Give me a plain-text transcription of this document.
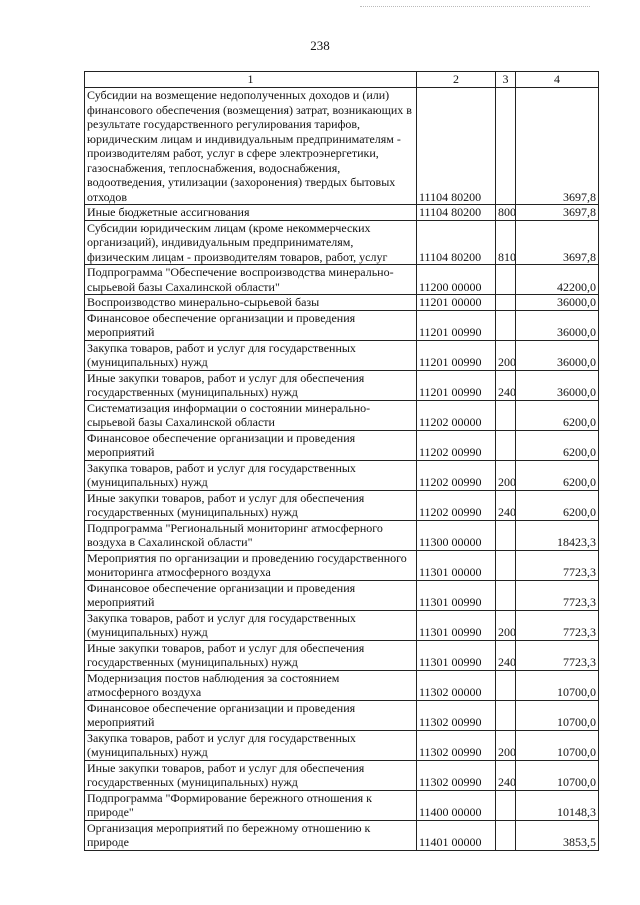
238
1	2	3	4
Субсидии на возмещение недополученных доходов и (или) финансового обеспечения (возмещения) затрат, возникающих в результате государственного регулирования тарифов, юридическим лицам и индивидуальным предпринимателям - производителям работ, услуг в сфере электроэнергетики, газоснабжения, теплоснабжения, водоснабжения, водоотведения, утилизации (захоронения) твердых бытовых отходов	11104 80200		3697,8
Иные бюджетные ассигнования	11104 80200	800	3697,8
Субсидии юридическим лицам (кроме некоммерческих организаций), индивидуальным предпринимателям, физическим лицам - производителям товаров, работ, услуг	11104 80200	810	3697,8
Подпрограмма "Обеспечение воспроизводства минерально-сырьевой базы Сахалинской области"	11200 00000		42200,0
Воспроизводство минерально-сырьевой базы	11201 00000		36000,0
Финансовое обеспечение организации и проведения мероприятий	11201 00990		36000,0
Закупка товаров, работ и услуг для государственных (муниципальных) нужд	11201 00990	200	36000,0
Иные закупки товаров, работ и услуг для обеспечения государственных (муниципальных) нужд	11201 00990	240	36000,0
Систематизация информации о состоянии минерально-сырьевой базы Сахалинской области	11202 00000		6200,0
Финансовое обеспечение организации и проведения мероприятий	11202 00990		6200,0
Закупка товаров, работ и услуг для государственных (муниципальных) нужд	11202 00990	200	6200,0
Иные закупки товаров, работ и услуг для обеспечения государственных (муниципальных) нужд	11202 00990	240	6200,0
Подпрограмма "Региональный мониторинг атмосферного воздуха в Сахалинской области"	11300 00000		18423,3
Мероприятия по организации и проведению государственного мониторинга атмосферного воздуха	11301 00000		7723,3
Финансовое обеспечение организации и проведения мероприятий	11301 00990		7723,3
Закупка товаров, работ и услуг для государственных (муниципальных) нужд	11301 00990	200	7723,3
Иные закупки товаров, работ и услуг для обеспечения государственных (муниципальных) нужд	11301 00990	240	7723,3
Модернизация постов наблюдения за состоянием атмосферного воздуха	11302 00000		10700,0
Финансовое обеспечение организации и проведения мероприятий	11302 00990		10700,0
Закупка товаров, работ и услуг для государственных (муниципальных) нужд	11302 00990	200	10700,0
Иные закупки товаров, работ и услуг для обеспечения государственных (муниципальных) нужд	11302 00990	240	10700,0
Подпрограмма "Формирование бережного отношения к природе"	11400 00000		10148,3
Организация мероприятий по бережному отношению к природе	11401 00000		3853,5
